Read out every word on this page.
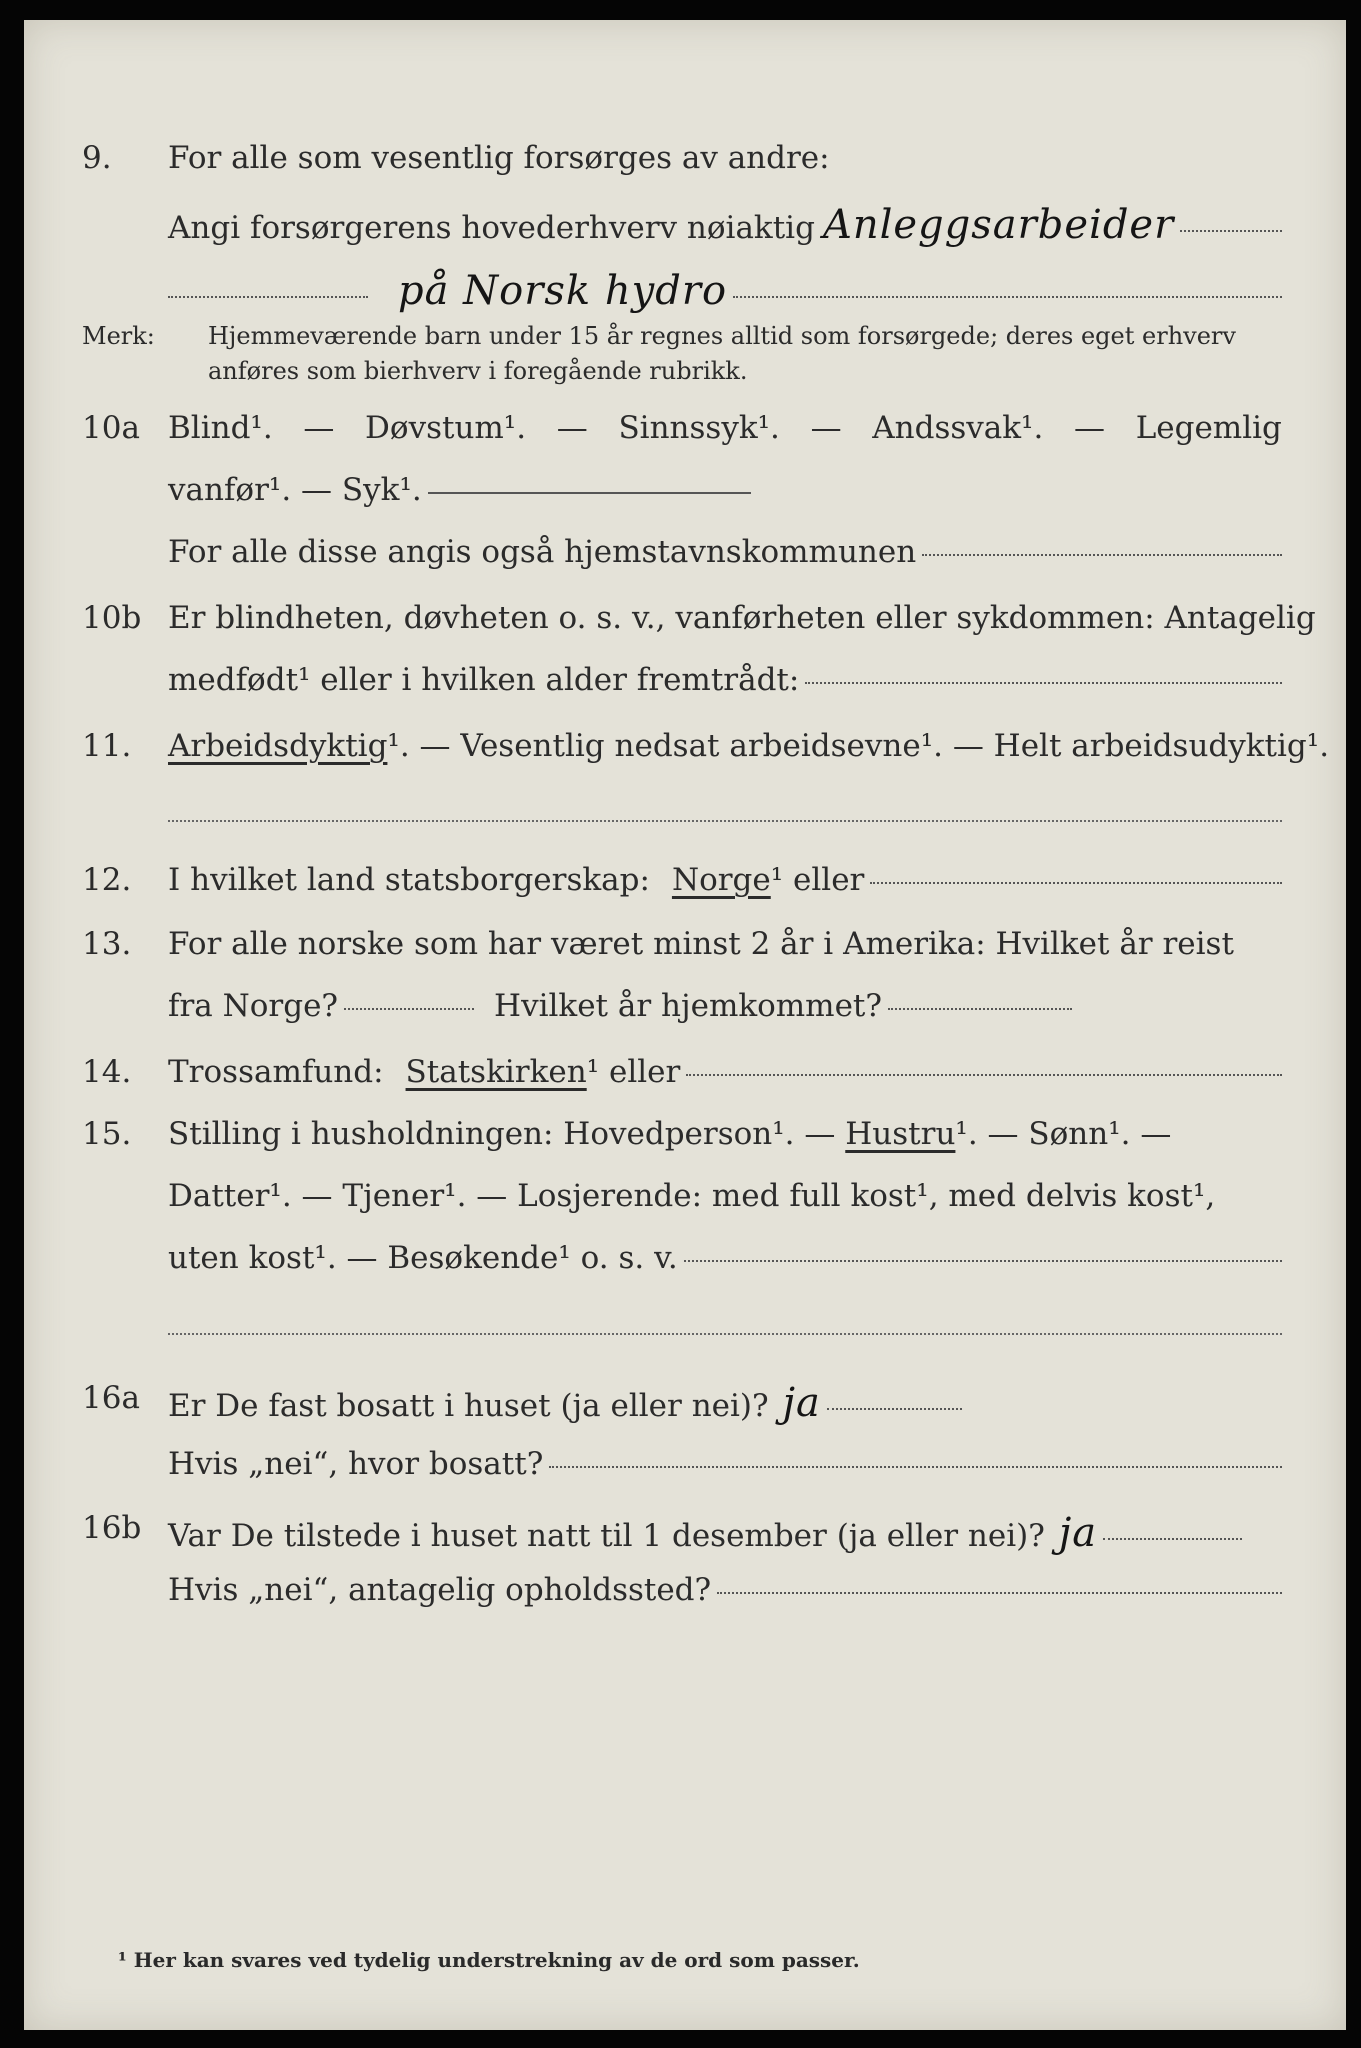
9. For alle som vesentlig forsørges av andre:
Angi forsørgerens hovederhverv nøiaktig Anleggsarbeider
på Norsk hydro
Merk: Hjemmeværende barn under 15 år regnes alltid som forsørgede; deres eget erhverv
anføres som bierhverv i foregående rubrikk.
10a Blind¹. — Døvstum¹. — Sinnssyk¹. — Andssvak¹. — Legemlig
vanfør¹. — Syk¹.
For alle disse angis også hjemstavnskommunen
10b Er blindheten, døvheten o. s. v., vanførheten eller sykdommen: Antagelig
medfødt¹ eller i hvilken alder fremtrådt:
11. Arbeidsdyktig¹. — Vesentlig nedsat arbeidsevne¹. — Helt arbeidsudyktig¹.
12. I hvilket land statsborgerskap: Norge ¹ eller
13. For alle norske som har været minst 2 år i Amerika: Hvilket år reist
fra Norge?	Hvilket år hjemkommet?
14. Trossamfund: Statskirken ¹ eller
15. Stilling i husholdningen: Hovedperson¹. — Hustru¹. — Sønn¹. —
Datter¹. — Tjener¹. — Losjerende: med full kost¹, med delvis kost¹,
uten kost¹. — Besøkende¹ o. s. v.
16a Er De fast bosatt i huset (ja eller nei)? ja
Hvis „nei“, hvor bosatt?
16b Var De tilstede i huset natt til 1 desember (ja eller nei)? ja
Hvis „nei“, antagelig opholdssted?
¹ Her kan svares ved tydelig understrekning av de ord som passer.
